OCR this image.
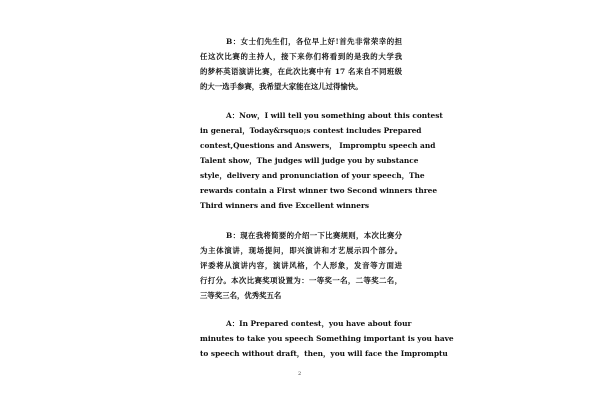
B：女士们先生们，各位早上好!首先非常荣幸的担
任这次比赛的主持人，接下来你们将看到的是我的大学我
的梦杯英语演讲比赛，在此次比赛中有 17 名来自不同班级
的大一选手参赛，我希望大家能在这儿过得愉快。
A：Now，I will tell you something about this contest
in general，Today&rsquo;s contest includes Prepared
contest,Questions and Answers， Impromptu speech and
Talent show，The judges will judge you by substance
style，delivery and pronunciation of your speech，The
rewards contain a First winner two Second winners three
Third winners and five Excellent winners
B：现在我将简要的介绍一下比赛规则，本次比赛分
为主体演讲，现场提问，即兴演讲和才艺展示四个部分。
评委将从演讲内容，演讲风格，个人形象，发音等方面进
行打分。本次比赛奖项设置为：一等奖一名，二等奖二名，
三等奖三名，优秀奖五名
A：In Prepared contest，you have about four
minutes to take you speech Something important is you have
to speech without draft，then，you will face the Impromptu
2
